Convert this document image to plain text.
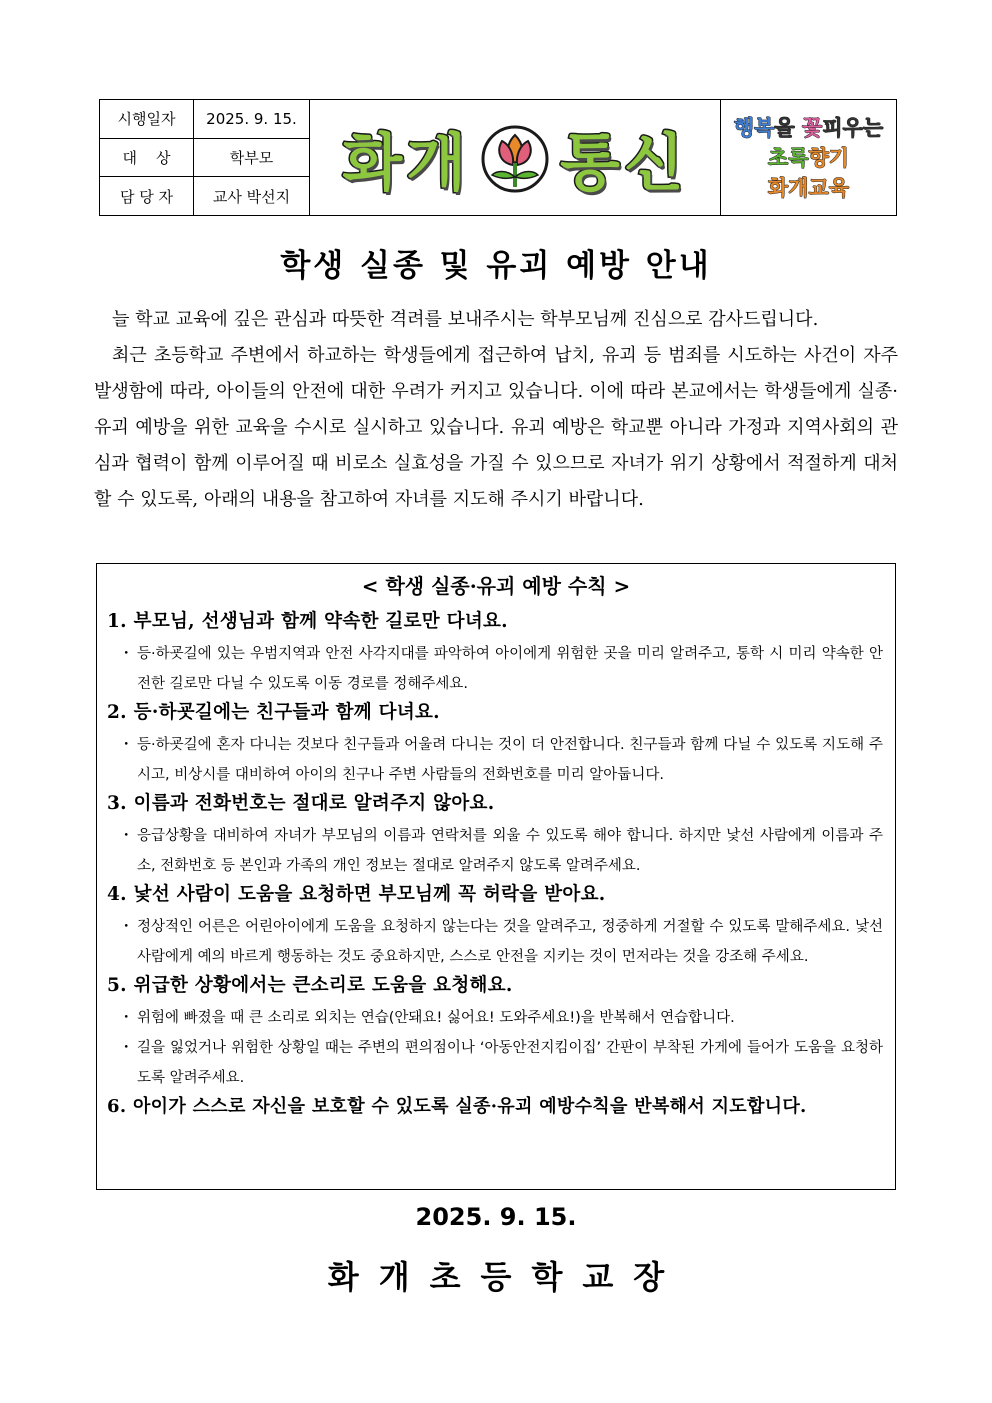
시행일자	2025. 9. 15.
대    상	학부모
담 당 자	교사 박선지 화개 통신 행복을 꽃피우는
초록향기
화개교육
학생 실종 및 유괴 예방 안내

늘 학교 교육에 깊은 관심과 따뜻한 격려를 보내주시는 학부모님께 진심으로 감사드립니다.

최근 초등학교 주변에서 하교하는 학생들에게 접근하여 납치, 유괴 등 범죄를 시도하는 사건이 자주 발생함에 따라, 아이들의 안전에 대한 우려가 커지고 있습니다. 이에 따라 본교에서는 학생들에게 실종·유괴 예방을 위한 교육을 수시로 실시하고 있습니다. 유괴 예방은 학교뿐 아니라 가정과 지역사회의 관심과 협력이 함께 이루어질 때 비로소 실효성을 가질 수 있으므로 자녀가 위기 상황에서 적절하게 대처할 수 있도록, 아래의 내용을 참고하여 자녀를 지도해 주시기 바랍니다.

< 학생 실종·유괴 예방 수칙 >
1. 부모님, 선생님과 함께 약속한 길로만 다녀요.
・ 등·하굣길에 있는 우범지역과 안전 사각지대를 파악하여 아이에게 위험한 곳을 미리 알려주고, 통학 시 미리 약속한 안전한 길로만 다닐 수 있도록 이동 경로를 정해주세요.
2. 등·하굣길에는 친구들과 함께 다녀요.
・ 등·하굣길에 혼자 다니는 것보다 친구들과 어울려 다니는 것이 더 안전합니다. 친구들과 함께 다닐 수 있도록 지도해 주시고, 비상시를 대비하여 아이의 친구나 주변 사람들의 전화번호를 미리 알아둡니다.
3. 이름과 전화번호는 절대로 알려주지 않아요.
・ 응급상황을 대비하여 자녀가 부모님의 이름과 연락처를 외울 수 있도록 해야 합니다. 하지만 낯선 사람에게 이름과 주소, 전화번호 등 본인과 가족의 개인 정보는 절대로 알려주지 않도록 알려주세요.
4. 낯선 사람이 도움을 요청하면 부모님께 꼭 허락을 받아요.
・ 정상적인 어른은 어린아이에게 도움을 요청하지 않는다는 것을 알려주고, 정중하게 거절할 수 있도록 말해주세요. 낯선 사람에게 예의 바르게 행동하는 것도 중요하지만, 스스로 안전을 지키는 것이 먼저라는 것을 강조해 주세요.
5. 위급한 상황에서는 큰소리로 도움을 요청해요.
・ 위험에 빠졌을 때 큰 소리로 외치는 연습(안돼요! 싫어요! 도와주세요!)을 반복해서 연습합니다.
・ 길을 잃었거나 위험한 상황일 때는 주변의 편의점이나 ‘아동안전지킴이집’ 간판이 부착된 가게에 들어가 도움을 요청하도록 알려주세요.
6. 아이가 스스로 자신을 보호할 수 있도록 실종·유괴 예방수칙을 반복해서 지도합니다.
2025. 9. 15.
화개초등학교장
